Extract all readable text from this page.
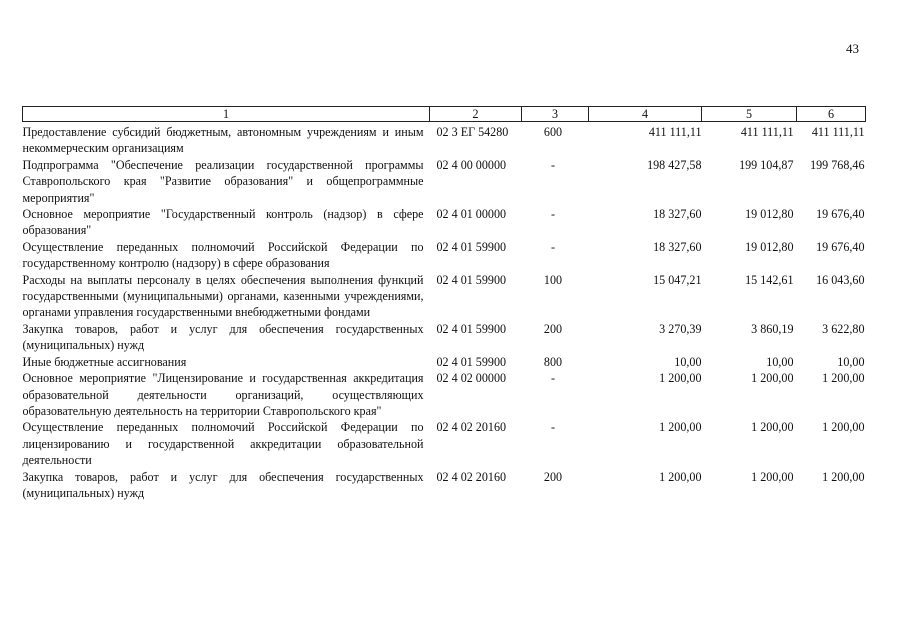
43
1	2	3	4	5	6
Предоставление субсидий бюджетным, автономным учреждениям и иным некоммерческим организациям	02 3 ЕГ 54280	600	411 111,11	411 111,11	411 111,11
Подпрограмма "Обеспечение реализации государственной программы Ставропольского края "Развитие образования" и общепрограммные мероприятия"	02 4 00 00000	-	198 427,58	199 104,87	199 768,46
Основное мероприятие "Государственный контроль (надзор) в сфере образования"	02 4 01 00000	-	18 327,60	19 012,80	19 676,40
Осуществление переданных полномочий Российской Федерации по государственному контролю (надзору) в сфере образования	02 4 01 59900	-	18 327,60	19 012,80	19 676,40
Расходы на выплаты персоналу в целях обеспечения выполнения функций государственными (муниципальными) органами, казенными учреждениями, органами управления государственными внебюджетными фондами	02 4 01 59900	100	15 047,21	15 142,61	16 043,60
Закупка товаров, работ и услуг для обеспечения государственных (муниципальных) нужд	02 4 01 59900	200	3 270,39	3 860,19	3 622,80
Иные бюджетные ассигнования	02 4 01 59900	800	10,00	10,00	10,00
Основное мероприятие "Лицензирование и государственная аккредитация образовательной деятельности организаций, осуществляющих образовательную деятельность на территории Ставропольского края"	02 4 02 00000	-	1 200,00	1 200,00	1 200,00
Осуществление переданных полномочий Российской Федерации по лицензированию и государственной аккредитации образовательной деятельности	02 4 02 20160	-	1 200,00	1 200,00	1 200,00
Закупка товаров, работ и услуг для обеспечения государственных (муниципальных) нужд	02 4 02 20160	200	1 200,00	1 200,00	1 200,00
